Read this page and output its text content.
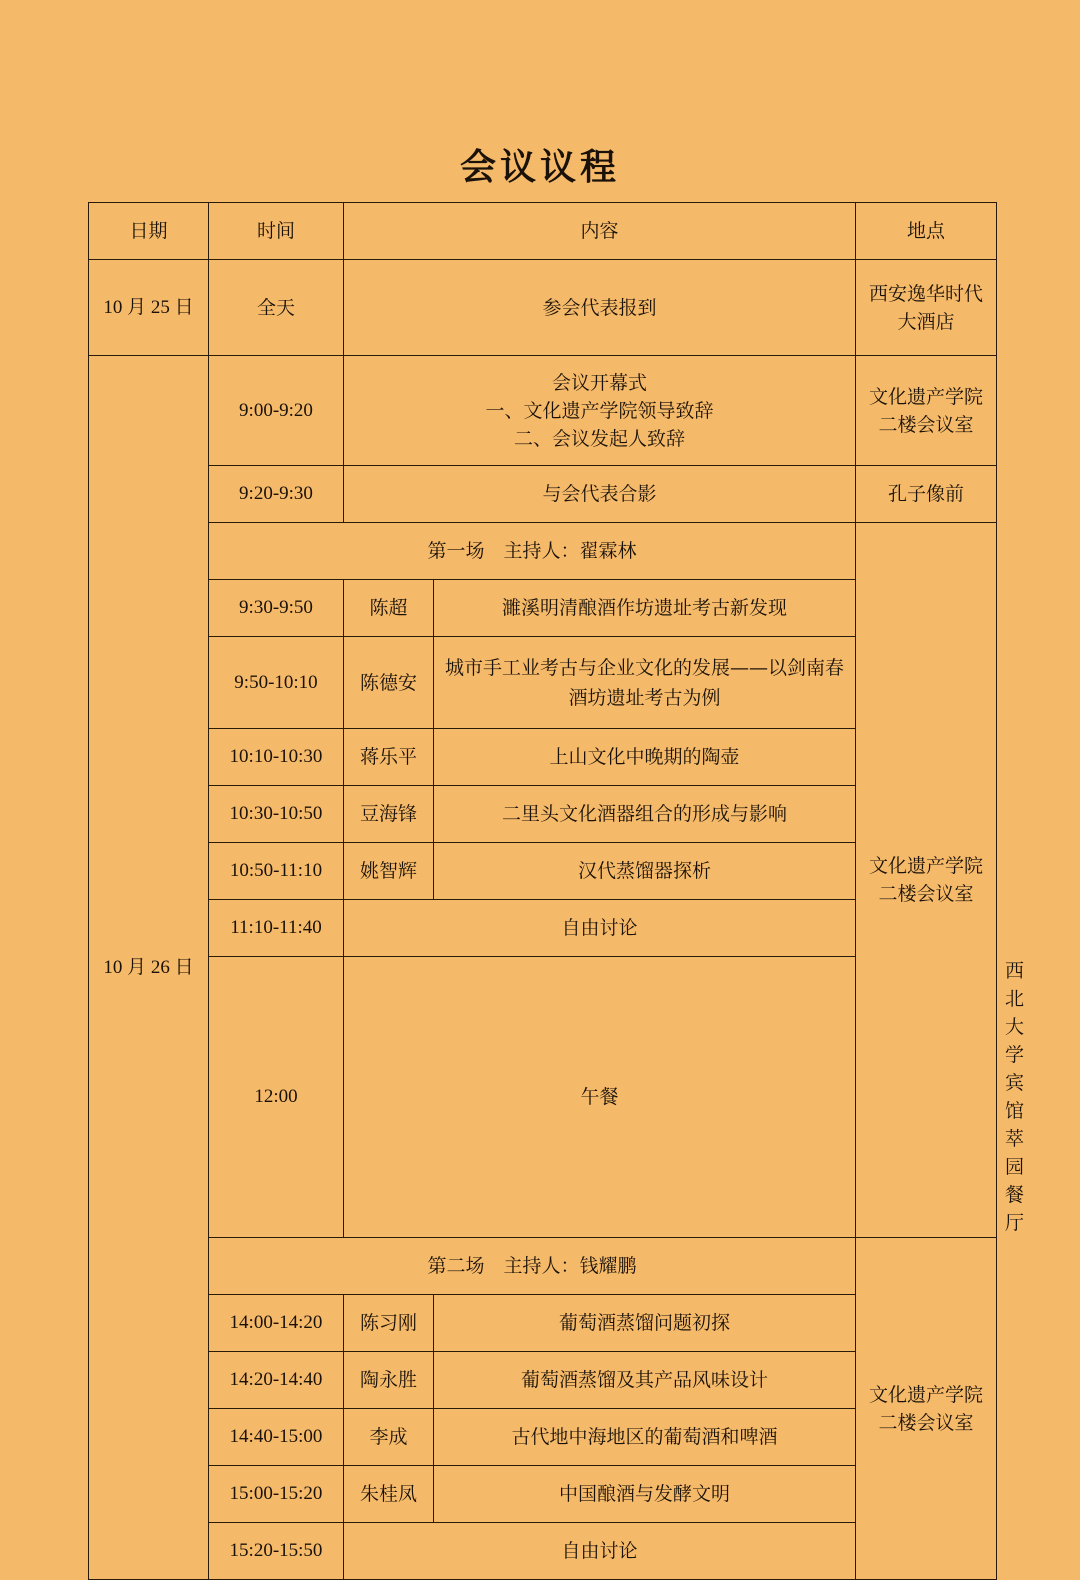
会议议程
日期	时间	内容		地点	
10 月 25 日	全天	参会代表报到		西安逸华时代大酒店	
10 月 26 日	9:00-9:20	会议开幕式
一、文化遗产学院领导致辞
二、会议发起人致辞		文化遗产学院二楼会议室	
	9:20-9:30	与会代表合影		孔子像前	
	第一场　主持人：翟霖林			文化遗产学院二楼会议室	
	9:30-9:50	陈超	濉溪明清酿酒作坊遗址考古新发现		
	9:50-10:10	陈德安	城市手工业考古与企业文化的发展——以剑南春酒坊遗址考古为例		
	10:10-10:30	蒋乐平	上山文化中晚期的陶壶		
	10:30-10:50	豆海锋	二里头文化酒器组合的形成与影响		
	10:50-11:10	姚智辉	汉代蒸馏器探析		
	11:10-11:40	自由讨论			
	12:00	午餐			西北大学宾馆萃园餐厅
	第二场　主持人：钱耀鹏			文化遗产学院二楼会议室	
	14:00-14:20	陈习刚	葡萄酒蒸馏问题初探		
	14:20-14:40	陶永胜	葡萄酒蒸馏及其产品风味设计		
	14:40-15:00	李成	古代地中海地区的葡萄酒和啤酒		
	15:00-15:20	朱桂凤	中国酿酒与发酵文明		
	15:20-15:50	自由讨论			
